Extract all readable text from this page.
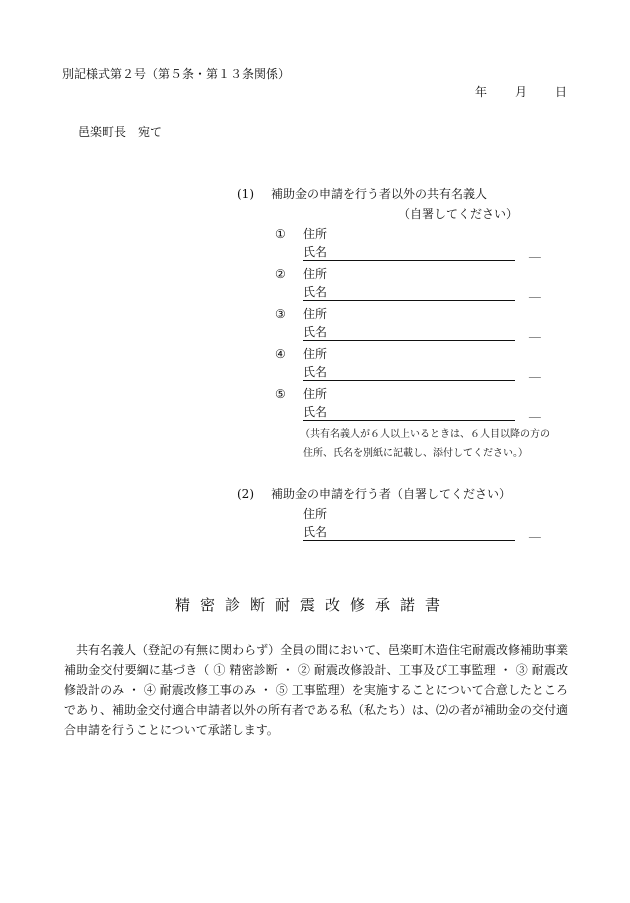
別記様式第２号（第５条・第１３条関係）
年 月 日
邑楽町長　宛て
(1) 補助金の申請を行う者以外の共有名義人
（自署してください）
① 住所
氏名	＿
② 住所
氏名	＿
③ 住所
氏名	＿
④ 住所
氏名	＿
⑤ 住所
氏名	＿
（共有名義人が６人以上いるときは、６人目以降の方の
住所、氏名を別紙に記載し、添付してください。）
(2) 補助金の申請を行う者（自署してください）
住所
氏名	＿
精密診断耐震改修承諾書
共有名義人（登記の有無に関わらず）全員の間において、邑楽町木造住宅耐震改修補助事業補助金交付要綱に基づき（ ① 精密診断 ・ ② 耐震改修設計、工事及び工事監理 ・ ③ 耐震改修設計のみ ・ ④ 耐震改修工事のみ ・ ⑤ 工事監理）を実施することについて合意したところであり、補助金交付適合申請者以外の所有者である私（私たち）は、⑵の者が補助金の交付適合申請を行うことについて承諾します。
